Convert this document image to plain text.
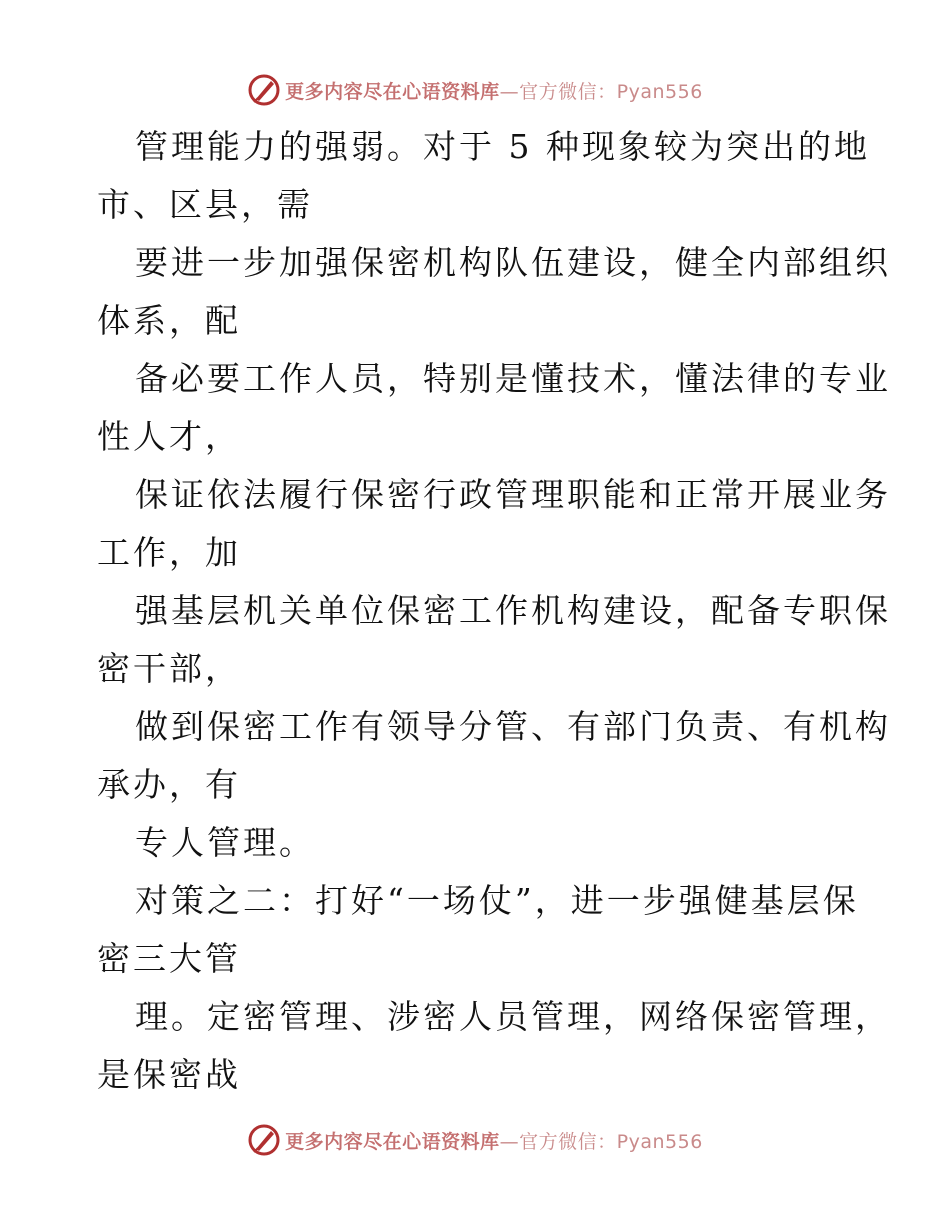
更多内容尽在心语资料库—官方微信：Pyan556
管理能力的强弱。对于 5 种现象较为突出的地
市、区县，需
要进一步加强保密机构队伍建设，健全内部组织
体系，配
备必要工作人员，特别是懂技术，懂法律的专业
性人才，
保证依法履行保密行政管理职能和正常开展业务
工作，加
强基层机关单位保密工作机构建设，配备专职保
密干部，
做到保密工作有领导分管、有部门负责、有机构
承办，有
专人管理。
对策之二：打好“一场仗”，进一步强健基层保
密三大管
理。定密管理、涉密人员管理，网络保密管理，
是保密战
更多内容尽在心语资料库—官方微信：Pyan556
